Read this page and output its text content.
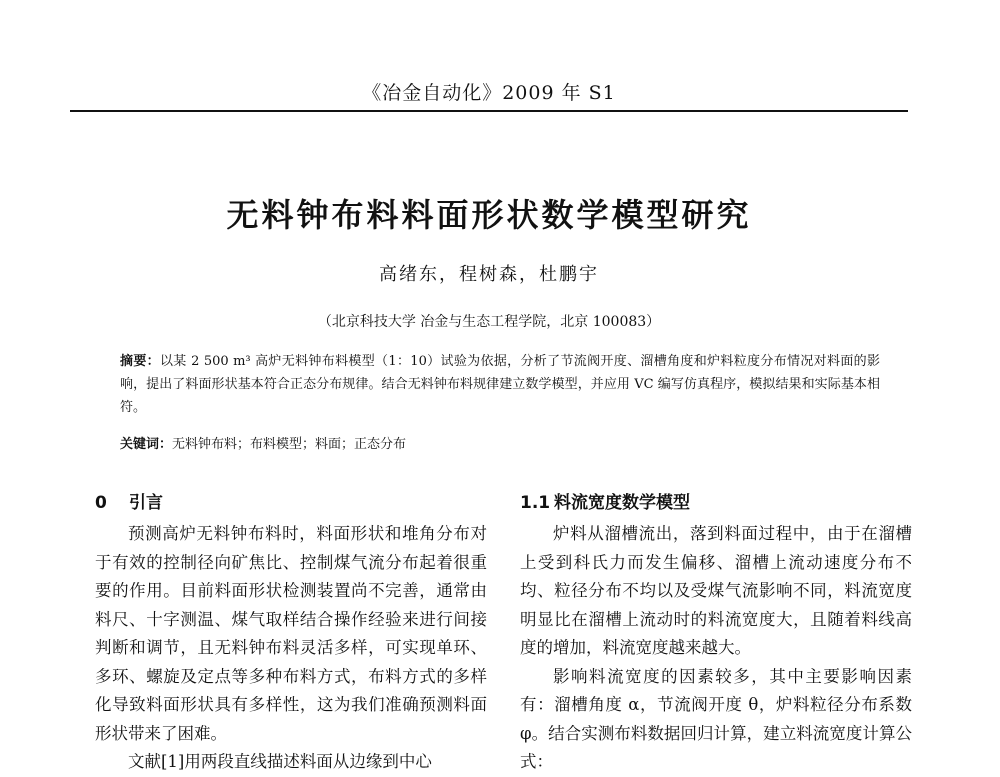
《冶金自动化》2009 年 S1
无料钟布料料面形状数学模型研究
高绪东，程树森，杜鹏宇
（北京科技大学 冶金与生态工程学院，北京 100083）
摘要：以某 2 500 m³ 高炉无料钟布料模型（1：10）试验为依据，分析了节流阀开度、溜槽角度和炉料粒度分布情况对料面的影响，提出了料面形状基本符合正态分布规律。结合无料钟布料规律建立数学模型，并应用 VC 编写仿真程序，模拟结果和实际基本相符。
关键词：无料钟布料；布料模型；料面；正态分布
0 引言

预测高炉无料钟布料时，料面形状和堆角分布对于有效的控制径向矿焦比、控制煤气流分布起着很重要的作用。目前料面形状检测装置尚不完善，通常由料尺、十字测温、煤气取样结合操作经验来进行间接判断和调节，且无料钟布料灵活多样，可实现单环、多环、螺旋及定点等多种布料方式，布料方式的多样化导致料面形状具有多样性，这为我们准确预测料面形状带来了困难。

文献[1]用两段直线描述料面从边缘到中心

1.1 料流宽度数学模型

炉料从溜槽流出，落到料面过程中，由于在溜槽上受到科氏力而发生偏移、溜槽上流动速度分布不均、粒径分布不均以及受煤气流影响不同，料流宽度明显比在溜槽上流动时的料流宽度大，且随着料线高度的增加，料流宽度越来越大。

影响料流宽度的因素较多，其中主要影响因素有：溜槽角度 α，节流阀开度 θ，炉料粒径分布系数 φ。结合实测布料数据回归计算，建立料流宽度计算公式：
